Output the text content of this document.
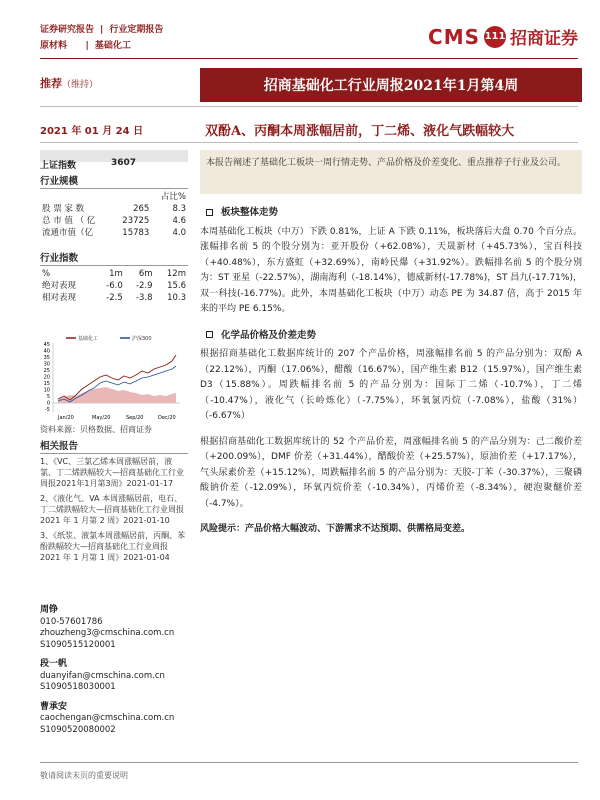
证券研究报告 | 行业定期报告
原材料 | 基础化工	CMS 111 招商证券
推荐（维持）	招商基础化工行业周报2021年1月第4周
2021 年 01 月 24 日	双酚A、丙酮本周涨幅居前，丁二烯、液化气跌幅较大

本报告阐述了基础化工板块一周行情走势、产品价格及价差变化、重点推荐子行业及公司。

上证指数	3607
行业规模
		占比%
股 票 家 数	265	8.3
总 市 值 （ 亿	23725	4.6
流通市值（亿	15783	4.0
行业指数
%	1m	6m	12m
绝对表现	-6.0	-2.9	15.6
相对表现	-2.5	-3.8	10.3
基础化工	沪深300
45
40
35
30
25
20
15
10
5
0
-5
Jan/20	May/20	Sep/20	Dec/20
资料来源：贝格数据、招商证券
相关报告
1、《VC、三氯乙烯本周涨幅居前，液氯、丁二烯跌幅较大—招商基础化工行业周报2021年1月第3周》2021-01-17
2、《液化气、VA 本周涨幅居前，电石、丁二烯跌幅较大—招商基础化工行业周报 2021 年 1 月第 2 周》2021-01-10
3、《纸浆、液氯本周涨幅居前，丙酮、苯酚跌幅较大—招商基础化工行业周报 2021 年 1 月第 1 周》2021-01-04
周铮
010-57601786
zhouzheng3@cmschina.com.cn
S1090515120001
段一帆
duanyifan@cmschina.com.cn
S1090518030001
曹承安
caochengan@cmschina.com.cn
S1090520080002

板块整体走势

本周基础化工板块（中万）下跌 0.81%，上证 A 下跌 0.11%，板块落后大盘 0.70 个百分点。涨幅排名前 5 的个股分别为：亚开股份（+62.08%），天晟新材（+45.73%），宝百科技（+40.48%），东方盛虹（+32.69%），南岭民爆（+31.92%）。跌幅排名前 5 的个股分别为：ST 亚星（-22.57%），湖南海利（-18.14%），德威新材(-17.78%)，ST 昌九(-17.71%)，双一科技(-16.77%)。此外，本周基础化工板块（中万）动态 PE 为 34.87 倍，高于 2015 年来的平均 PE 6.15%。

化学品价格及价差走势

根据招商基础化工数据库统计的 207 个产品价格，周涨幅排名前 5 的产品分别为：双酚 A（22.12%），丙酮（17.06%），醋酸（16.67%），国产维生素 B12（15.97%），国产维生素 D3（15.88%）。周跌幅排名前 5 的产品分别为：国际丁二烯（-10.7%），丁二烯（-10.47%），液化气（长岭炼化）（-7.75%），环氧氯丙烷（-7.08%），盐酸（31%）（-6.67%）

根据招商基础化工数据库统计的 52 个产品价差，周涨幅排名前 5 的产品分别为：己二酸价差（+200.09%），DMF 价差（+31.44%），醋酸价差（+25.57%），原油价差（+17.17%），气头尿素价差（+15.12%），周跌幅排名前 5 的产品分别为：天胶-丁苯（-30.37%），三聚磷酸钠价差（-12.09%），环氧丙烷价差（-10.34%），丙烯价差（-8.34%），硬泡聚醚价差（-4.7%）。

风险提示：产品价格大幅波动、下游需求不达预期、供需格局变差。

敬请阅读末页的重要说明
